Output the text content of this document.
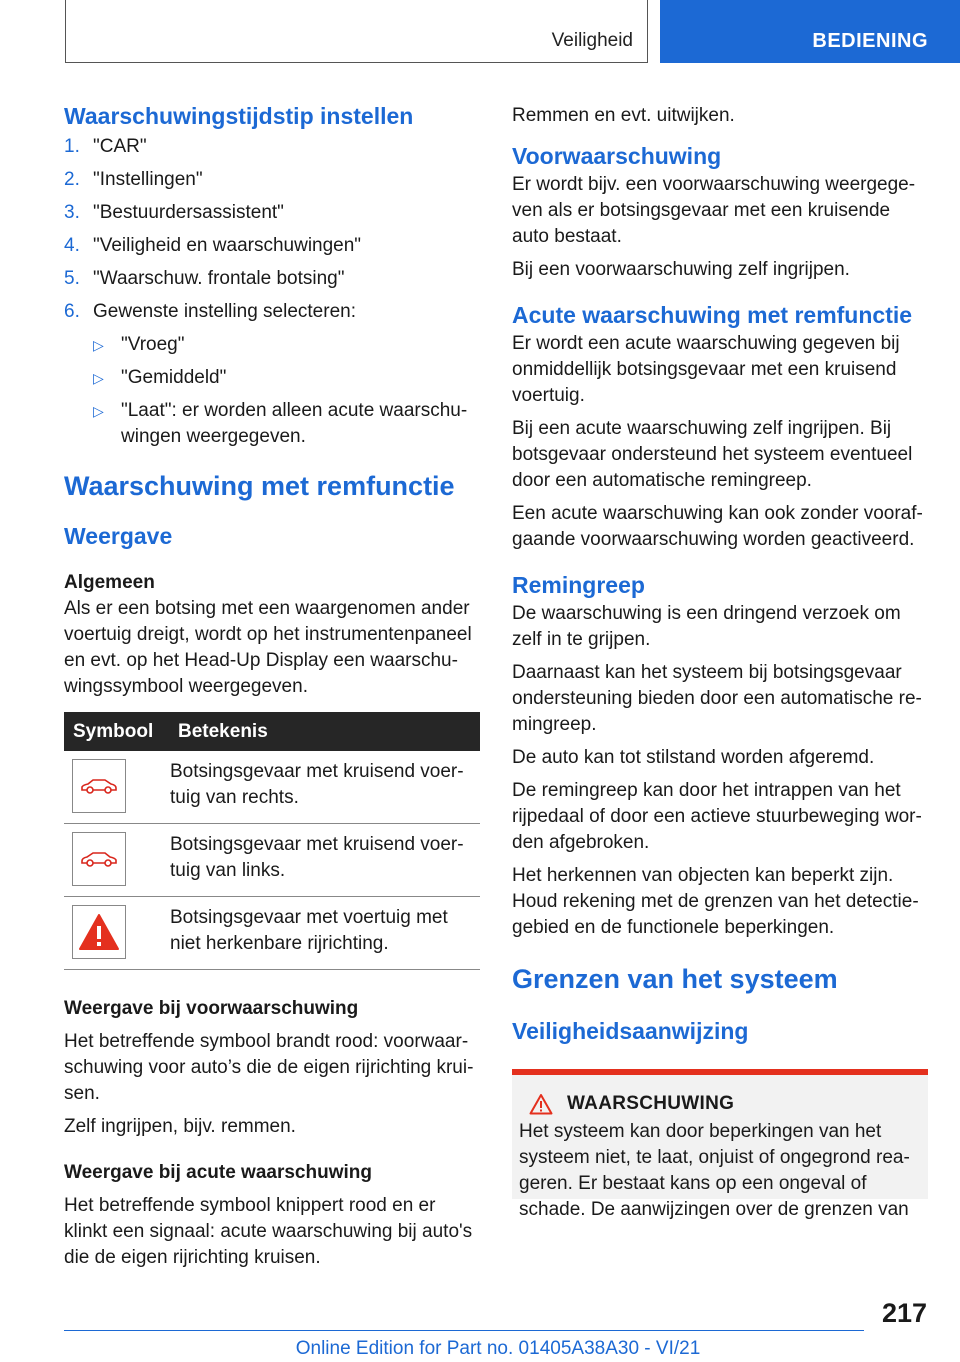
Veiligheid	BEDIENING
Waarschuwingstijdstip instellen
1. "CAR"
2. "Instellingen"
3. "Bestuurdersassistent"
4. "Veiligheid en waarschuwingen"
5. "Waarschuw. frontale botsing"
6. Gewenste instelling selecteren:
▷ "Vroeg"
▷ "Gemiddeld"
▷ "Laat": er worden alleen acute waarschuwingen weergegeven.
Waarschuwing met remfunctie
Weergave
Algemeen

Als er een botsing met een waargenomen ander voertuig dreigt, wordt op het instrumentenpaneel en evt. op het Head-Up Display een waarschuwingssymbool weergegeven.

Symbool	Betekenis

	Botsingsgevaar met kruisend voertuig van rechts.

	Botsingsgevaar met kruisend voertuig van links.

	Botsingsgevaar met voertuig met niet herkenbare rijrichting.
Weergave bij voorwaarschuwing

Het betreffende symbool brandt rood: voorwaarschuwing voor auto’s die de eigen rijrichting kruisen.

Zelf ingrijpen, bijv. remmen.

Weergave bij acute waarschuwing

Het betreffende symbool knippert rood en er klinkt een signaal: acute waarschuwing bij auto's die de eigen rijrichting kruisen.

Remmen en evt. uitwijken.

Voorwaarschuwing

Er wordt bijv. een voorwaarschuwing weergegeven als er botsingsgevaar met een kruisende auto bestaat.

Bij een voorwaarschuwing zelf ingrijpen.

Acute waarschuwing met remfunctie

Er wordt een acute waarschuwing gegeven bij onmiddellijk botsingsgevaar met een kruisend voertuig.

Bij een acute waarschuwing zelf ingrijpen. Bij botsgevaar ondersteund het systeem eventueel door een automatische remingreep.

Een acute waarschuwing kan ook zonder voorafgaande voorwaarschuwing worden geactiveerd.

Remingreep

De waarschuwing is een dringend verzoek om zelf in te grijpen.

Daarnaast kan het systeem bij botsingsgevaar ondersteuning bieden door een automatische remingreep.

De auto kan tot stilstand worden afgeremd.

De remingreep kan door het intrappen van het rijpedaal of door een actieve stuurbeweging worden afgebroken.

Het herkennen van objecten kan beperkt zijn. Houd rekening met de grenzen van het detectiegebied en de functionele beperkingen.

Grenzen van het systeem
Veiligheidsaanwijzing
WAARSCHUWING

Het systeem kan door beperkingen van het systeem niet, te laat, onjuist of ongegrond reageren. Er bestaat kans op een ongeval of schade. De aanwijzingen over de grenzen van

217
Online Edition for Part no. 01405A38A30 - VI/21
